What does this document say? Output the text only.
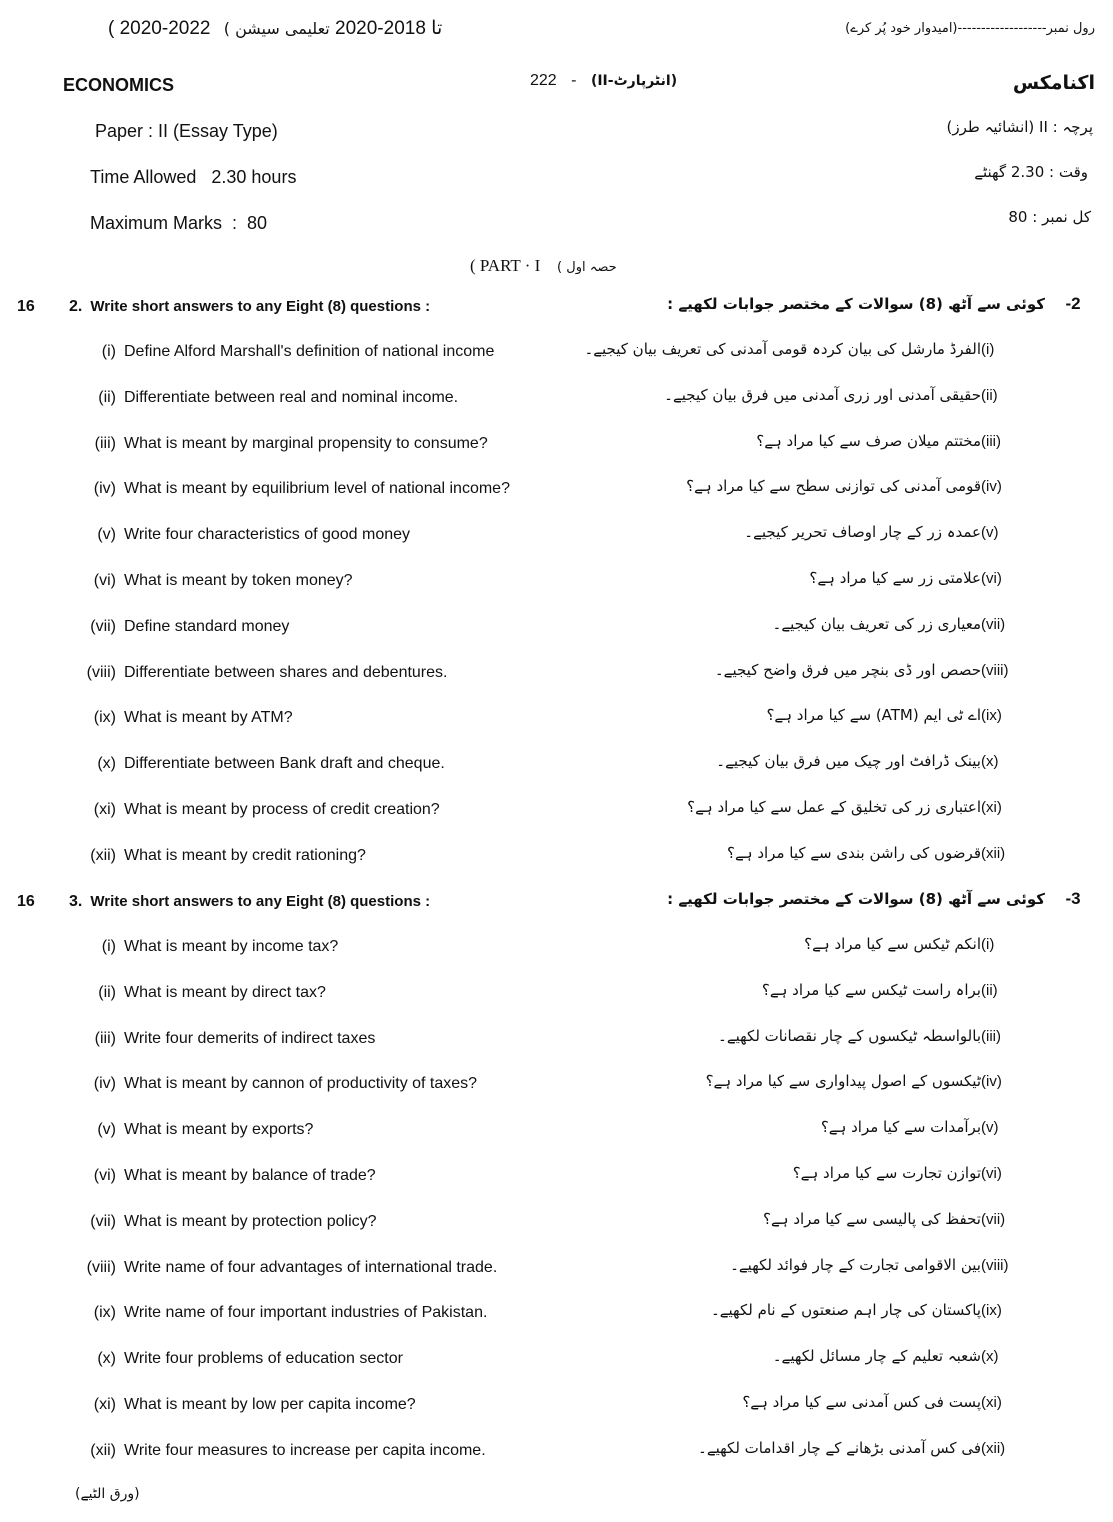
( 2020-2022 تا 2018-2020 تعلیمی سیشن )	رول نمبر-------------------(امیدوار خود پُر کرے)
ECONOMICS	(انٹرپارٹ-II) - 222	اکنامکس
Paper : II (Essay Type)	پرچہ : II (انشائیہ طرز)
Time Allowed   2.30 hours	وقت : 2.30 گھنٹے
Maximum Marks  :  80	کل نمبر : 80
( PART · I حصہ اول )
16 2. Write short answers to any Eight (8) questions :	-2
کوئی سے آٹھ (8) سوالات کے مختصر جوابات لکھیے :
(i) Define Alford Marshall's definition of national income	(i)
الفرڈ مارشل کی بیان کردہ قومی آمدنی کی تعریف بیان کیجیے۔
(ii) Differentiate between real and nominal income.	(ii)
حقیقی آمدنی اور زری آمدنی میں فرق بیان کیجیے۔
(iii) What is meant by marginal propensity to consume?	(iii)
مختتم میلان صرف سے کیا مراد ہے؟
(iv) What is meant by equilibrium level of national income?	(iv)
قومی آمدنی کی توازنی سطح سے کیا مراد ہے؟
(v) Write four characteristics of good money	(v)
عمدہ زر کے چار اوصاف تحریر کیجیے۔
(vi) What is meant by token money?	(vi)
علامتی زر سے کیا مراد ہے؟
(vii) Define standard money	(vii)
معیاری زر کی تعریف بیان کیجیے۔
(viii) Differentiate between shares and debentures.	(viii)
حصص اور ڈی بنچر میں فرق واضح کیجیے۔
(ix) What is meant by ATM?	(ix)
اے ٹی ایم (ATM) سے کیا مراد ہے؟
(x) Differentiate between Bank draft and cheque.	(x)
بینک ڈرافٹ اور چیک میں فرق بیان کیجیے۔
(xi) What is meant by process of credit creation?	(xi)
اعتباری زر کی تخلیق کے عمل سے کیا مراد ہے؟
(xii) What is meant by credit rationing?	(xii)
قرضوں کی راشن بندی سے کیا مراد ہے؟
16 3. Write short answers to any Eight (8) questions :	-3
کوئی سے آٹھ (8) سوالات کے مختصر جوابات لکھیے :
(i) What is meant by income tax?	(i)
انکم ٹیکس سے کیا مراد ہے؟
(ii) What is meant by direct tax?	(ii)
براہ راست ٹیکس سے کیا مراد ہے؟
(iii) Write four demerits of indirect taxes	(iii)
بالواسطہ ٹیکسوں کے چار نقصانات لکھیے۔
(iv) What is meant by cannon of productivity of taxes?	(iv)
ٹیکسوں کے اصول پیداواری سے کیا مراد ہے؟
(v) What is meant by exports?	(v)
برآمدات سے کیا مراد ہے؟
(vi) What is meant by balance of trade?	(vi)
توازن تجارت سے کیا مراد ہے؟
(vii) What is meant by protection policy?	(vii)
تحفظ کی پالیسی سے کیا مراد ہے؟
(viii) Write name of four advantages of international trade.	(viii)
بین الاقوامی تجارت کے چار فوائد لکھیے۔
(ix) Write name of four important industries of Pakistan.	(ix)
پاکستان کی چار اہم صنعتوں کے نام لکھیے۔
(x) Write four problems of education sector	(x)
شعبہ تعلیم کے چار مسائل لکھیے۔
(xi) What is meant by low per capita income?	(xi)
پست فی کس آمدنی سے کیا مراد ہے؟
(xii) Write four measures to increase per capita income.	(xii)
فی کس آمدنی بڑھانے کے چار اقدامات لکھیے۔
(ورق الٹیے)
